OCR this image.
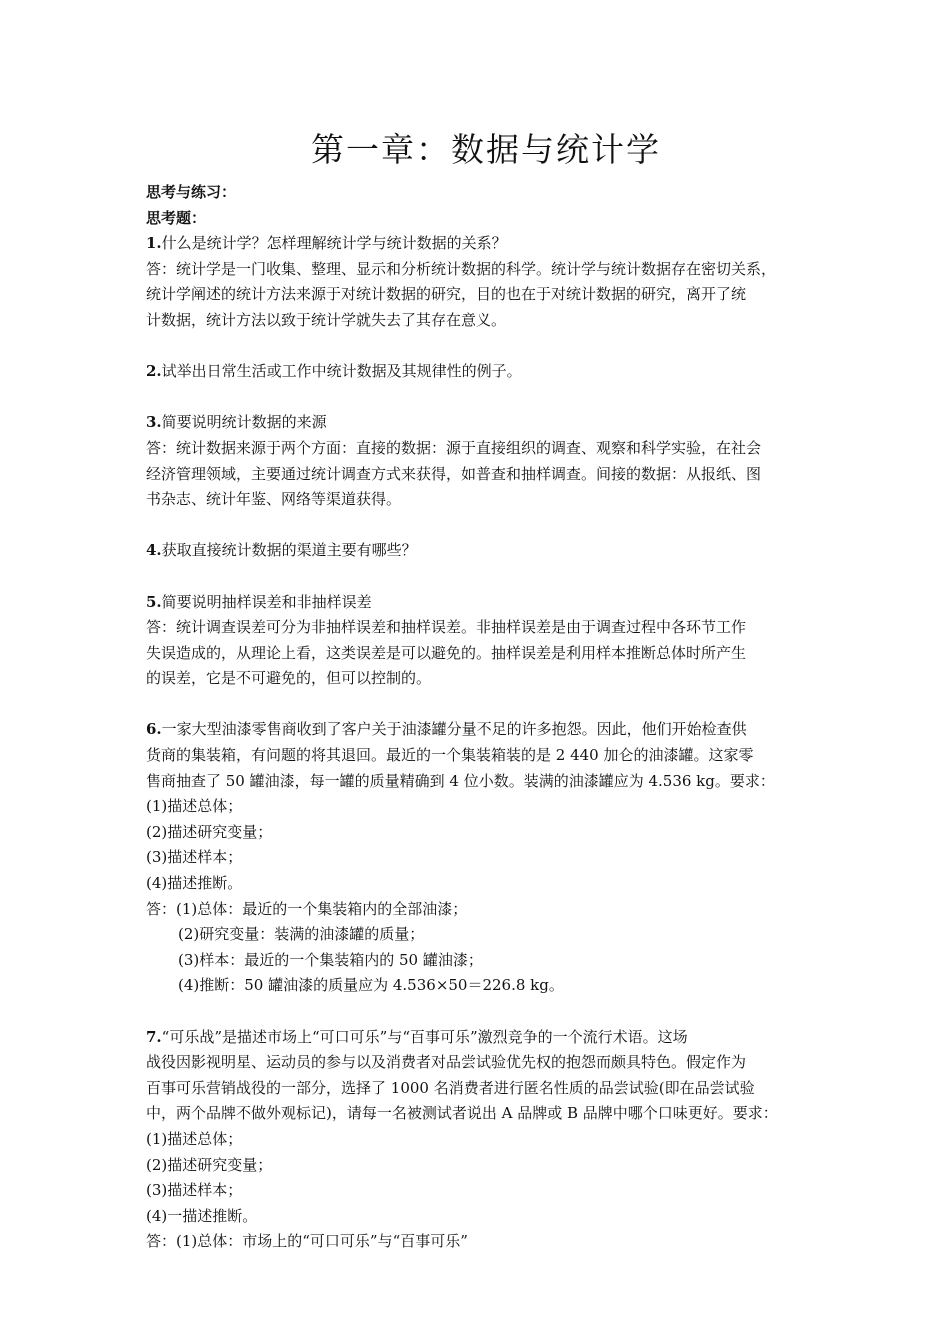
第一章：数据与统计学
思考与练习：
思考题：
1.什么是统计学？怎样理解统计学与统计数据的关系？
答：统计学是一门收集、整理、显示和分析统计数据的科学。统计学与统计数据存在密切关系，
统计学阐述的统计方法来源于对统计数据的研究，目的也在于对统计数据的研究，离开了统
计数据，统计方法以致于统计学就失去了其存在意义。
2.试举出日常生活或工作中统计数据及其规律性的例子。
3.简要说明统计数据的来源
答：统计数据来源于两个方面：直接的数据：源于直接组织的调查、观察和科学实验，在社会
经济管理领域，主要通过统计调查方式来获得，如普查和抽样调查。间接的数据：从报纸、图
书杂志、统计年鉴、网络等渠道获得。
4.获取直接统计数据的渠道主要有哪些？
5.简要说明抽样误差和非抽样误差
答：统计调查误差可分为非抽样误差和抽样误差。非抽样误差是由于调查过程中各环节工作
失误造成的，从理论上看，这类误差是可以避免的。抽样误差是利用样本推断总体时所产生
的误差，它是不可避免的，但可以控制的。
6.一家大型油漆零售商收到了客户关于油漆罐分量不足的许多抱怨。因此，他们开始检查供
货商的集装箱，有问题的将其退回。最近的一个集装箱装的是 2 440 加仑的油漆罐。这家零
售商抽查了 50 罐油漆，每一罐的质量精确到 4 位小数。装满的油漆罐应为 4.536 kg。要求：
(1)描述总体；
(2)描述研究变量；
(3)描述样本；
(4)描述推断。
答：(1)总体：最近的一个集装箱内的全部油漆；
(2)研究变量：装满的油漆罐的质量；
(3)样本：最近的一个集装箱内的 50 罐油漆；
(4)推断：50 罐油漆的质量应为 4.536×50＝226.8 kg。
7.“可乐战”是描述市场上“可口可乐”与“百事可乐”激烈竞争的一个流行术语。这场
战役因影视明星、运动员的参与以及消费者对品尝试验优先权的抱怨而颇具特色。假定作为
百事可乐营销战役的一部分，选择了 1000 名消费者进行匿名性质的品尝试验(即在品尝试验
中，两个品牌不做外观标记)，请每一名被测试者说出 A 品牌或 B 品牌中哪个口味更好。要求：
(1)描述总体；
(2)描述研究变量；
(3)描述样本；
(4)一描述推断。
答：(1)总体：市场上的“可口可乐”与“百事可乐”
